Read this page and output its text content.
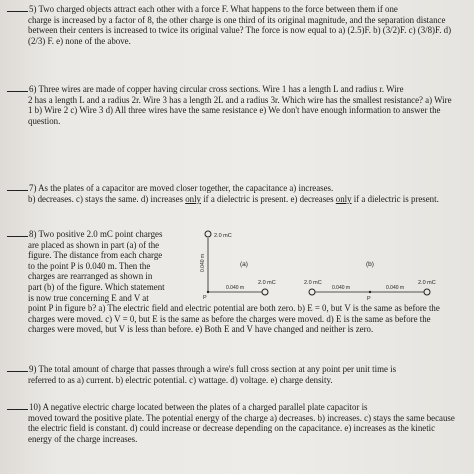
5) Two charged objects attract each other with a force F. What happens to the force between them if one
charge is increased by a factor of 8, the other charge is one third of its original magnitude, and the separation distance between their centers is increased to twice its original value? The force is now equal to a) (2.5)F. b) (3/2)F. c) (3/8)F. d) (2/3) F. e) none of the above.
6) Three wires are made of copper having circular cross sections. Wire 1 has a length L and radius r. Wire
2 has a length L and a radius 2r. Wire 3 has a length 2L and a radius 3r. Which wire has the smallest resistance? a) Wire 1 b) Wire 2 c) Wire 3 d) All three wires have the same resistance e) We don't have enough information to answer the question.
7) As the plates of a capacitor are moved closer together, the capacitance a) increases.
b) decreases. c) stays the same. d) increases only if a dielectric is present. e) decreases only if a dielectric is present.
8) Two positive 2.0 mC point charges
are placed as shown in part (a) of the
figure. The distance from each charge
to the point P is 0.040 m. Then the
charges are rearranged as shown in
part (b) of the figure. Which statement
is now true concerning E and V at
point P in figure b? a) The electric field and electric potential are both zero. b) E = 0, but V is the same as before the charges were moved. c) V = 0, but E is the same as before the charges were moved. d) E is the same as before the charges were moved, but V is less than before. e) Both E and V have changed and neither is zero.
2.0 mC
0.040 m
0.040 m
2.0 mC
(a)
P
(b)
2.0 mC
P
0.040 m	0.040 m
2.0 mC
9) The total amount of charge that passes through a wire's full cross section at any point per unit time is
referred to as a) current. b) electric potential. c) wattage. d) voltage. e) charge density.
10) A negative electric charge located between the plates of a charged parallel plate capacitor is
moved toward the positive plate. The potential energy of the charge a) decreases. b) increases. c) stays the same because the electric field is constant. d) could increase or decrease depending on the capacitance. e) increases as the kinetic energy of the charge increases.
